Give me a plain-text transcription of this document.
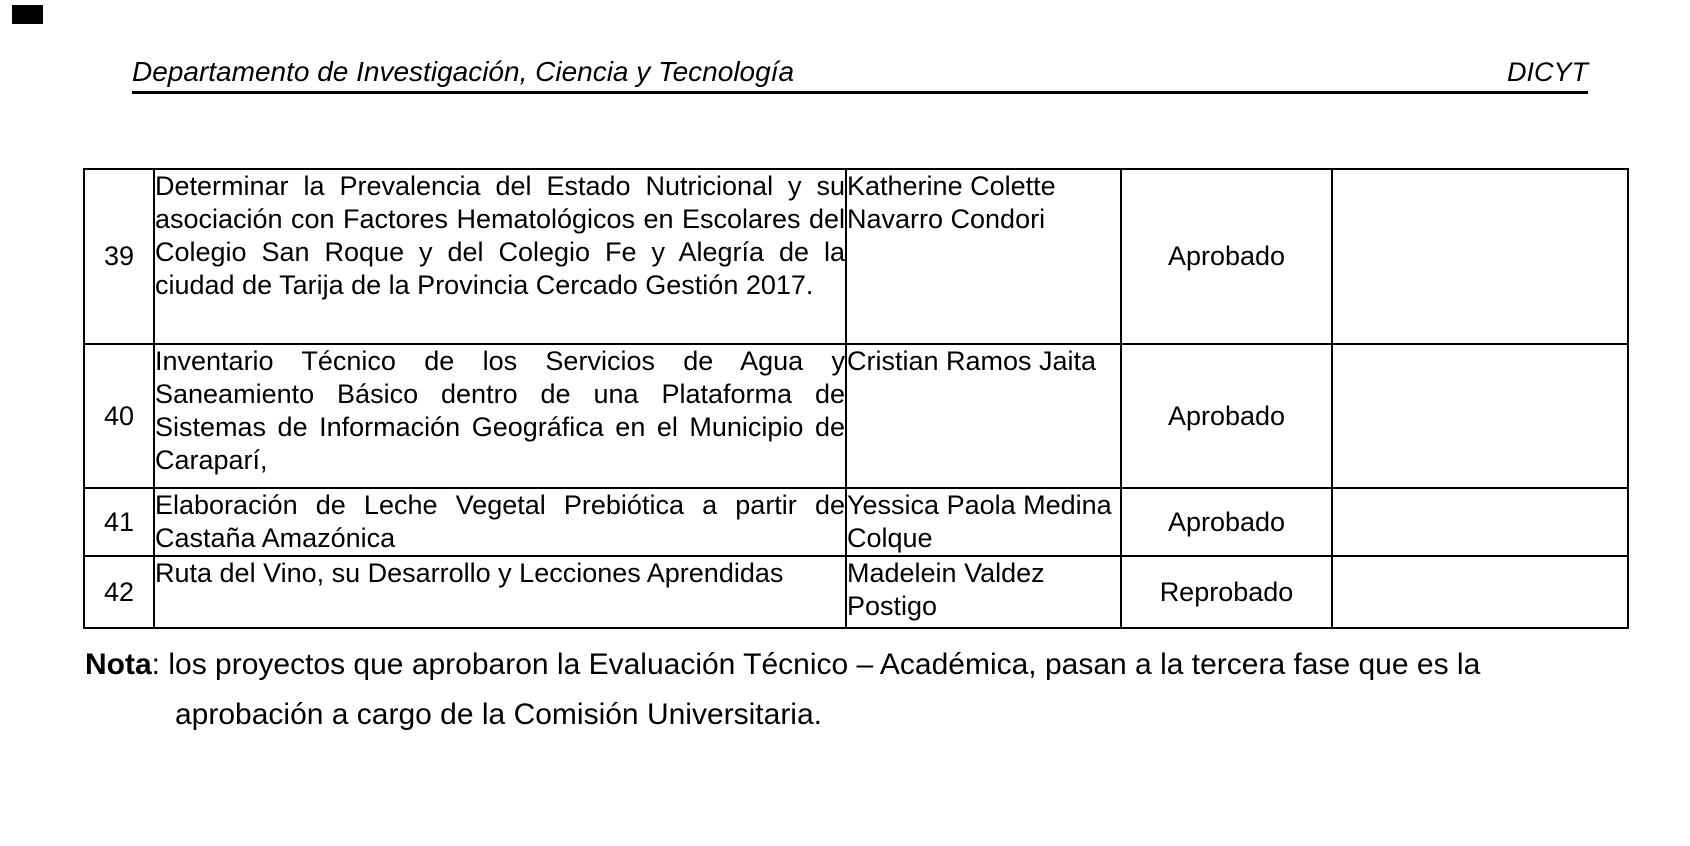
Departamento de Investigación, Ciencia y Tecnología	DICYT
39	Determinar la Prevalencia del Estado Nutricional y su asociación con Factores Hematológicos en Escolares del Colegio San Roque y del Colegio Fe y Alegría de la ciudad de Tarija de la Provincia Cercado Gestión 2017.	Katherine Colette Navarro Condori	Aprobado	
40	Inventario Técnico de los Servicios de Agua y Saneamiento Básico dentro de una Plataforma de Sistemas de Información Geográfica en el Municipio de Caraparí,	Cristian Ramos Jaita	Aprobado	
41	Elaboración de Leche Vegetal Prebiótica a partir de Castaña Amazónica	Yessica Paola Medina Colque	Aprobado	
42	Ruta del Vino, su Desarrollo y Lecciones Aprendidas	Madelein Valdez Postigo	Reprobado	
Nota: los proyectos que aprobaron la Evaluación Técnico – Académica, pasan a la tercera fase que es la
aprobación a cargo de la Comisión Universitaria.
